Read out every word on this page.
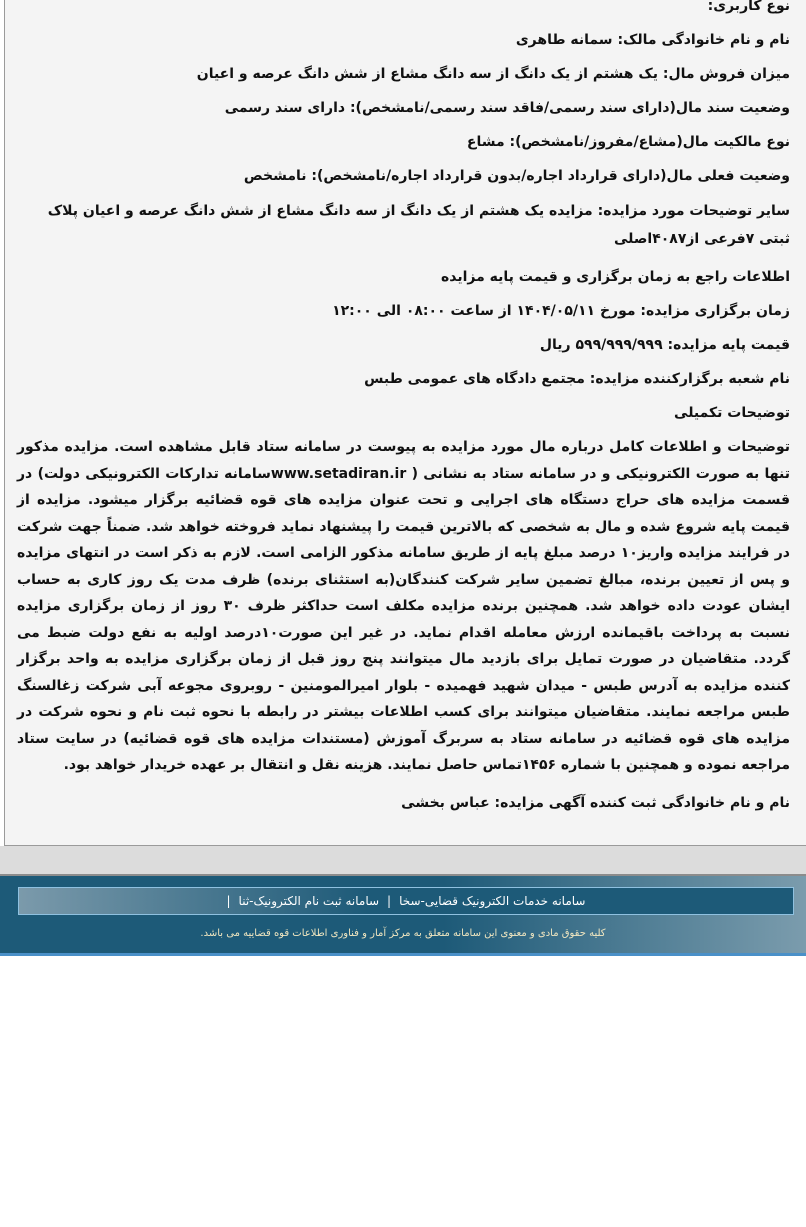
نوع کاربری:

نام و نام خانوادگی مالک: سمانه طاهری

میزان فروش مال: یک هشتم از یک دانگ از سه دانگ مشاع از شش دانگ عرصه و اعیان

وضعیت سند مال(دارای سند رسمی/فاقد سند رسمی/نامشخص): دارای سند رسمی

نوع مالکیت مال(مشاع/مفروز/نامشخص): مشاع

وضعیت فعلی مال(دارای قرارداد اجاره/بدون قرارداد اجاره/نامشخص): نامشخص

سایر توضیحات مورد مزایده: مزایده یک هشتم از یک دانگ از سه دانگ مشاع از شش دانگ عرصه و اعیان پلاک ثبتی ۷فرعی از۴۰۸۷اصلی

اطلاعات راجع به زمان برگزاری و قیمت پایه مزایده

زمان برگزاری مزایده: مورخ ۱۴۰۴/۰۵/۱۱ از ساعت ۰۸:۰۰ الی ۱۲:۰۰

قیمت پایه مزایده: ۵۹۹/۹۹۹/۹۹۹ ریال

نام شعبه برگزارکننده مزایده: مجتمع دادگاه های عمومی طبس

توضیحات تکمیلی

توضیحات و اطلاعات کامل درباره مال مورد مزایده به پیوست در سامانه ستاد قابل مشاهده است. مزایده مذکور تنها به صورت الکترونیکی و در سامانه ستاد به نشانی ( www.setadiran.irسامانه تدارکات الکترونیکی دولت) در قسمت مزایده های حراج دستگاه های اجرایی و تحت عنوان مزایده های قوه قضائیه برگزار میشود. مزایده از قیمت پایه شروع شده و مال به شخصی که بالاترین قیمت را پیشنهاد نماید فروخته خواهد شد. ضمناً جهت شرکت در فرایند مزایده واریز۱۰ درصد مبلغ پایه از طریق سامانه مذکور الزامی است. لازم به ذکر است در انتهای مزایده و پس از تعیین برنده، مبالغ تضمین سایر شرکت کنندگان(به استثنای برنده) ظرف مدت یک روز کاری به حساب ایشان عودت داده خواهد شد. همچنین برنده مزایده مکلف است حداکثر ظرف ۳۰ روز از زمان برگزاری مزایده نسبت به پرداخت باقیمانده ارزش معامله اقدام نماید. در غیر این صورت۱۰درصد اولیه به نفع دولت ضبط می گردد. متقاضیان در صورت تمایل برای بازدید مال میتوانند پنج روز قبل از زمان برگزاری مزایده به واحد برگزار کننده مزایده به آدرس طبس - میدان شهید فهمیده - بلوار امیرالمومنین - روبروی مجوعه آبی شرکت زغالسنگ طبس مراجعه نمایند. متقاضیان میتوانند برای کسب اطلاعات بیشتر در رابطه با نحوه ثبت نام و نحوه شرکت در مزایده های قوه قضائیه در سامانه ستاد به سربرگ آموزش (مستندات مزایده های قوه قضائیه) در سایت ستاد مراجعه نموده و همچنین با شماره ۱۴۵۶تماس حاصل نمایند. هزینه نقل و انتقال بر عهده خریدار خواهد بود.

نام و نام خانوادگی ثبت کننده آگهی مزایده: عباس بخشی

سامانه خدمات الکترونیک قضایی-سخا|سامانه ثبت نام الکترونیک-ثنا|
کلیه حقوق مادی و معنوی این سامانه متعلق به مرکز آمار و فناوری اطلاعات قوه قضاییه می باشد.
